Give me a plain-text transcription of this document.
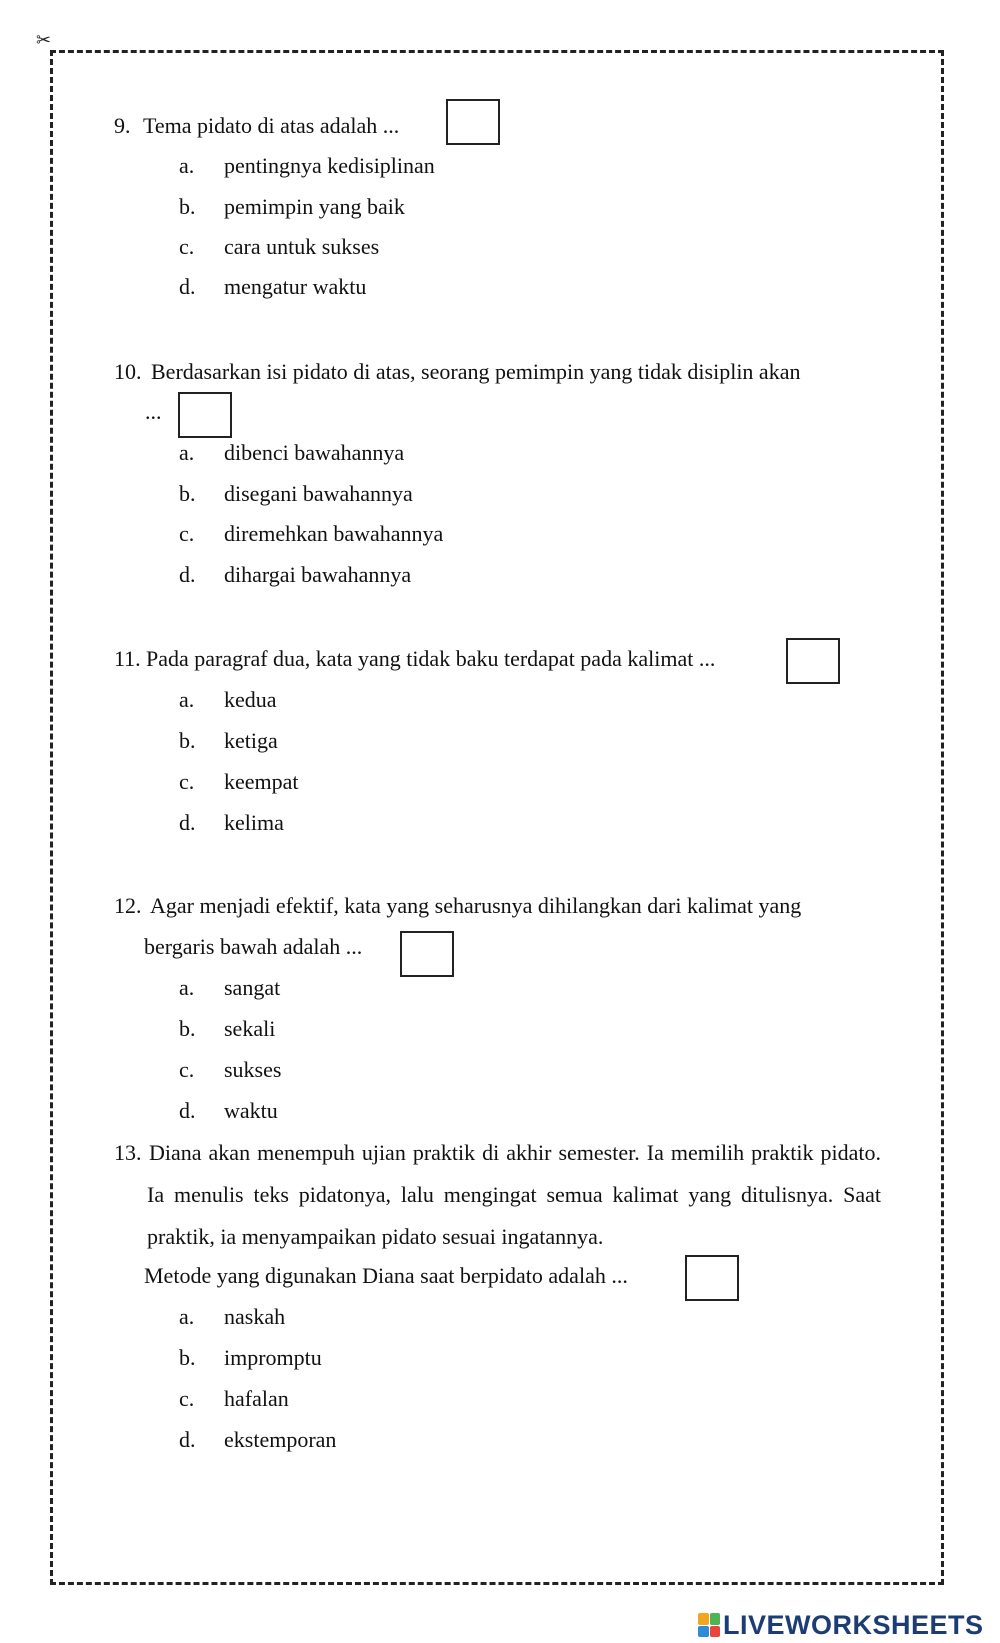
✂
9. Tema pidato di atas adalah ...
a. pentingnya kedisiplinan
b. pemimpin yang baik
c. cara untuk sukses
d. mengatur waktu
10. Berdasarkan isi pidato di atas, seorang pemimpin yang tidak disiplin akan
...
a. dibenci bawahannya
b. disegani bawahannya
c. diremehkan bawahannya
d. dihargai bawahannya
11. Pada paragraf dua, kata yang tidak baku terdapat pada kalimat ...
a. kedua
b. ketiga
c. keempat
d. kelima
12. Agar menjadi efektif, kata yang seharusnya dihilangkan dari kalimat yang
bergaris bawah adalah ...
a. sangat
b. sekali
c. sukses
d. waktu
13. Diana akan menempuh ujian praktik di akhir semester. Ia memilih praktik pidato. Ia menulis teks pidatonya, lalu mengingat semua kalimat yang ditulisnya. Saat praktik, ia menyampaikan pidato sesuai ingatannya.
Metode yang digunakan Diana saat berpidato adalah ...
a. naskah
b. impromptu
c. hafalan
d. ekstemporan
LIVEWORKSHEETS
